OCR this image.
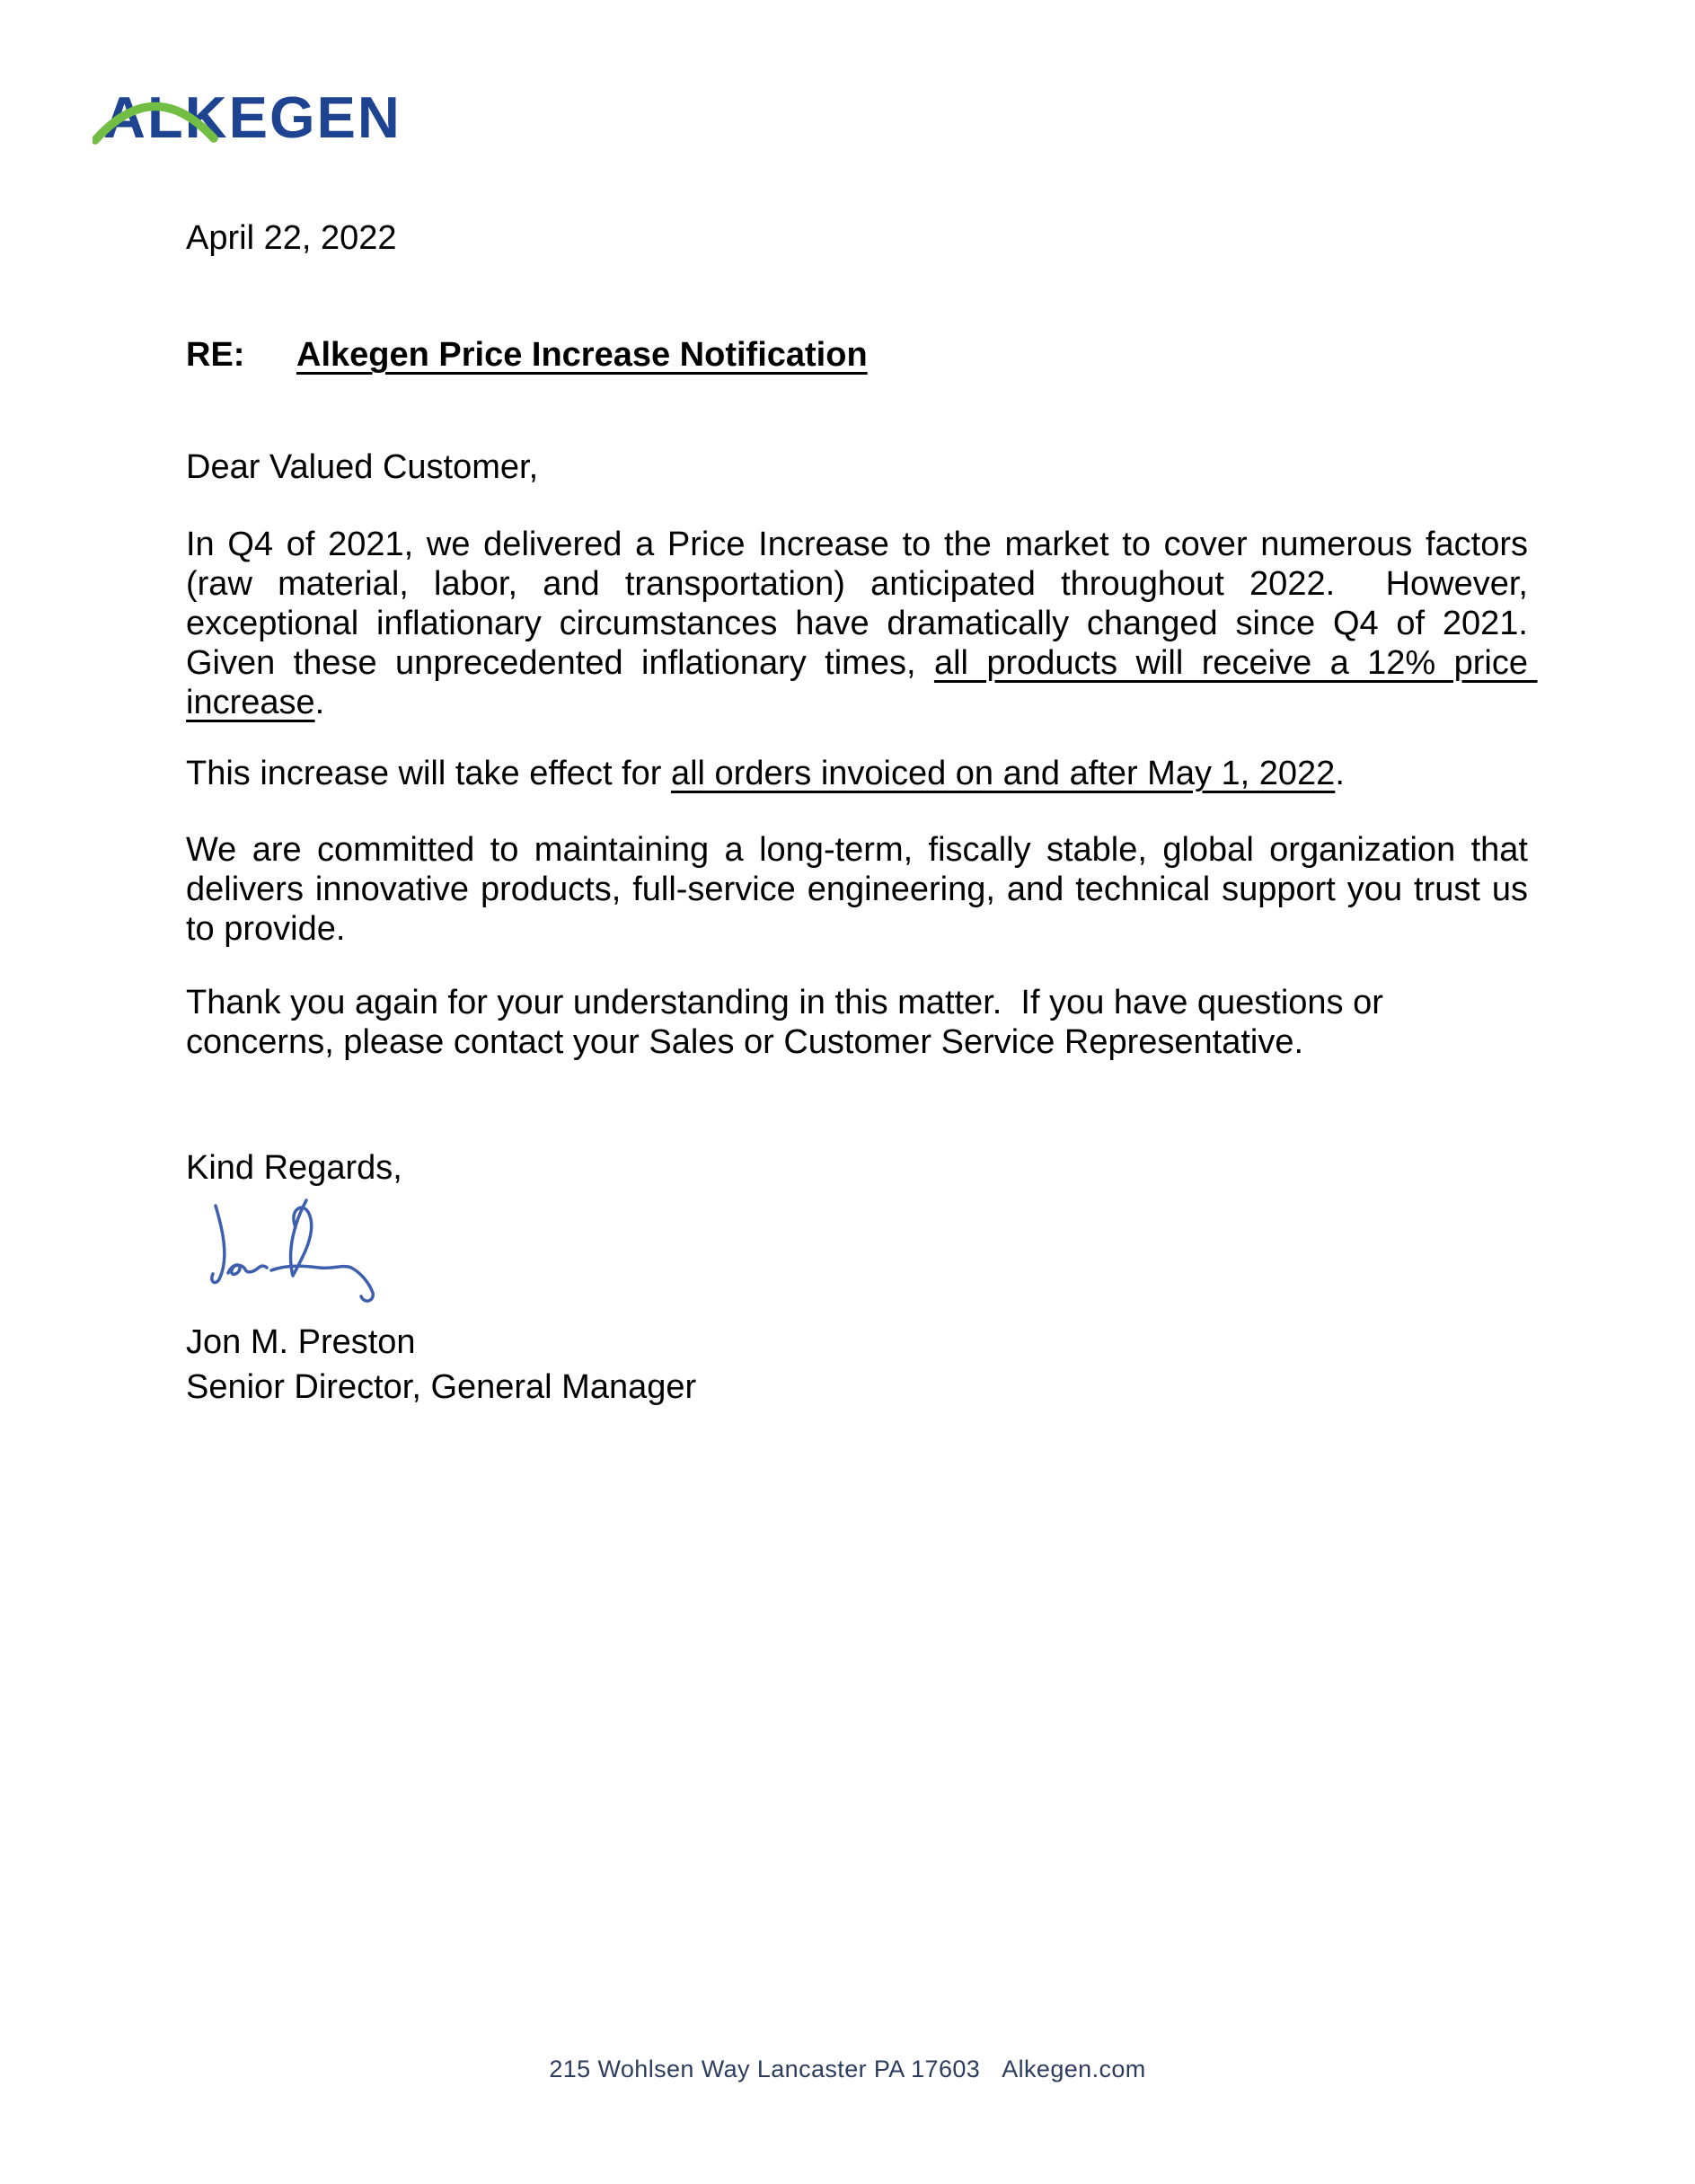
ALKEGEN
April 22, 2022
RE:	Alkegen Price Increase Notification
Dear Valued Customer,

In Q4 of 2021, we delivered a Price Increase to the market to cover numerous factors (raw material, labor, and transportation) anticipated throughout 2022.  However, exceptional inflationary circumstances have dramatically changed since Q4 of 2021.  Given these unprecedented inflationary times, all products will receive a 12% price increase.

This increase will take effect for all orders invoiced on and after May 1, 2022.

We are committed to maintaining a long-term, fiscally stable, global organization that delivers innovative products, full-service engineering, and technical support you trust us to provide.

Thank you again for your understanding in this matter.  If you have questions or concerns, please contact your Sales or Customer Service Representative.

Kind Regards,
Jon M. Preston
Senior Director, General Manager
215 Wohlsen Way Lancaster PA 17603 Alkegen.com
